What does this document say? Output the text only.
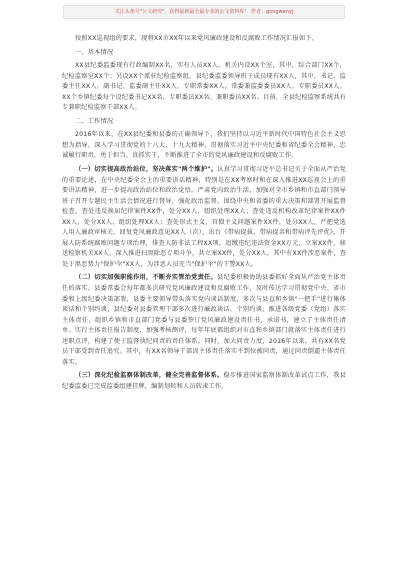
关注头条号"公文研究"，获得最新最全最专业的公文资料库！ 作者：gongwenyj

按照XX巡视组的要求，现将XX市XX年以来党风廉政建设和反腐败工作情况汇报如下。

一、基本情况

XX县纪委监委现有行政编制XX名，实有人员XX人。机关内设XX个室，其中，综合部门XX个，纪检监察室XX个；另设XX个派驻纪检监察组。县纪委监委领导班子成员现有XX人，其中，书记、监委主任XX人，副书记、监委副主任XX人，专职常委XX人，常委兼监委委员XX人，专职委员XX人。XX个乡镇纪委每个设纪委书记XX名、专职委员XX名、兼职委员XX名。目前，全县纪检监察系统共有专兼职纪检监察干部XX人。

二、工作情况

2016年以来，在XX县纪委和县委的正确领导下，我们坚持以习近平新时代中国特色社会主义思想为指导，深入学习贯彻党的十八大、十九大精神，贯彻落实习近平中央纪委和省纪委全会精神，忠诚履行职责，勇于担当、真抓实干，不断推进了全市的党风廉政建设和反腐败工作。

（一）切实提高政治站位，坚决落实"两个维护"。认真学习贯彻习近平总书记关于全面从严治党的重要论述，在中央纪委全会上的重要讲话精神，特别是在XX考察时和在深入推进XX巡视会上的重要讲话精神，进一步提高政治站位和政治觉悟。严肃党内政治生活，加强对全市乡镇和市直部门领导班子召开专题民主生活会情况进行督导，强化政治监督，围绕中央和省委的重大决策和部署开展监督检查，查处违反换届纪律案件XX件，处分XX人，组织处理XX人；查处违反机构改革纪律案件XX件XX人，处分XX人，组织处理XX人；查处形式主义、官僚主义问题案件XX件，处分XX人，严把党选人用人廉政审核关，回复党风廉政意见XX人（次），出台《带病提拔、带病提名和带病评先评优》，开展人防系统腐败问题专项治理，排查人防非法工程XX项，追缴违纪违法资金XX万元，立案XX件，移送检察机关XX人。深入推进扫黑除恶专项斗争，共立案XX件，处分XX人，其中有XX件涉恶案件，查处于黑恶势力"保护伞"XX人，为涉恶人员充当"保护伞"的干警XX人。

（二）切实加强职能作用，不断夯实管治党责任。县纪委积极协助县委抓好全面从严治党主体责任的落实。县委常委会每年都多次研究党风廉政建设和反腐败工作，及时传达学习贯彻党中央、省市委和上级纪委决策部署，县委主要领导带头落实党内谈话制度，多次与县直和乡镇"一把手"进行集体谈话和个别约谈，县纪委对县委管理干部多次进行廉政谈话，个别约谈，推进各级党委（党组）落实主体责任，组织乡镇和市直部门党委与县委签订党风廉政建设责任书，承诺书，建立了主体责任清单。实行主体责任报告制度，加强考核测评，每年年底都组织对市直和乡镇部门就落实主体责任进行述职点评，构建了便于监督执纪问责的责任体系。同时，加大问责力度，2016年以来，共有XX名党员干部受到责任追究。其中，有XX名领导干部因主体责任落实不到位被问责，通过问责倒逼主体责任落实。

（三）深化纪检监察体制改革，健全完善监督体系。稳步推进国家监察体制改革试点工作，我县纪委监委已完成监委组建挂牌，编制划转和人员转隶工作。
